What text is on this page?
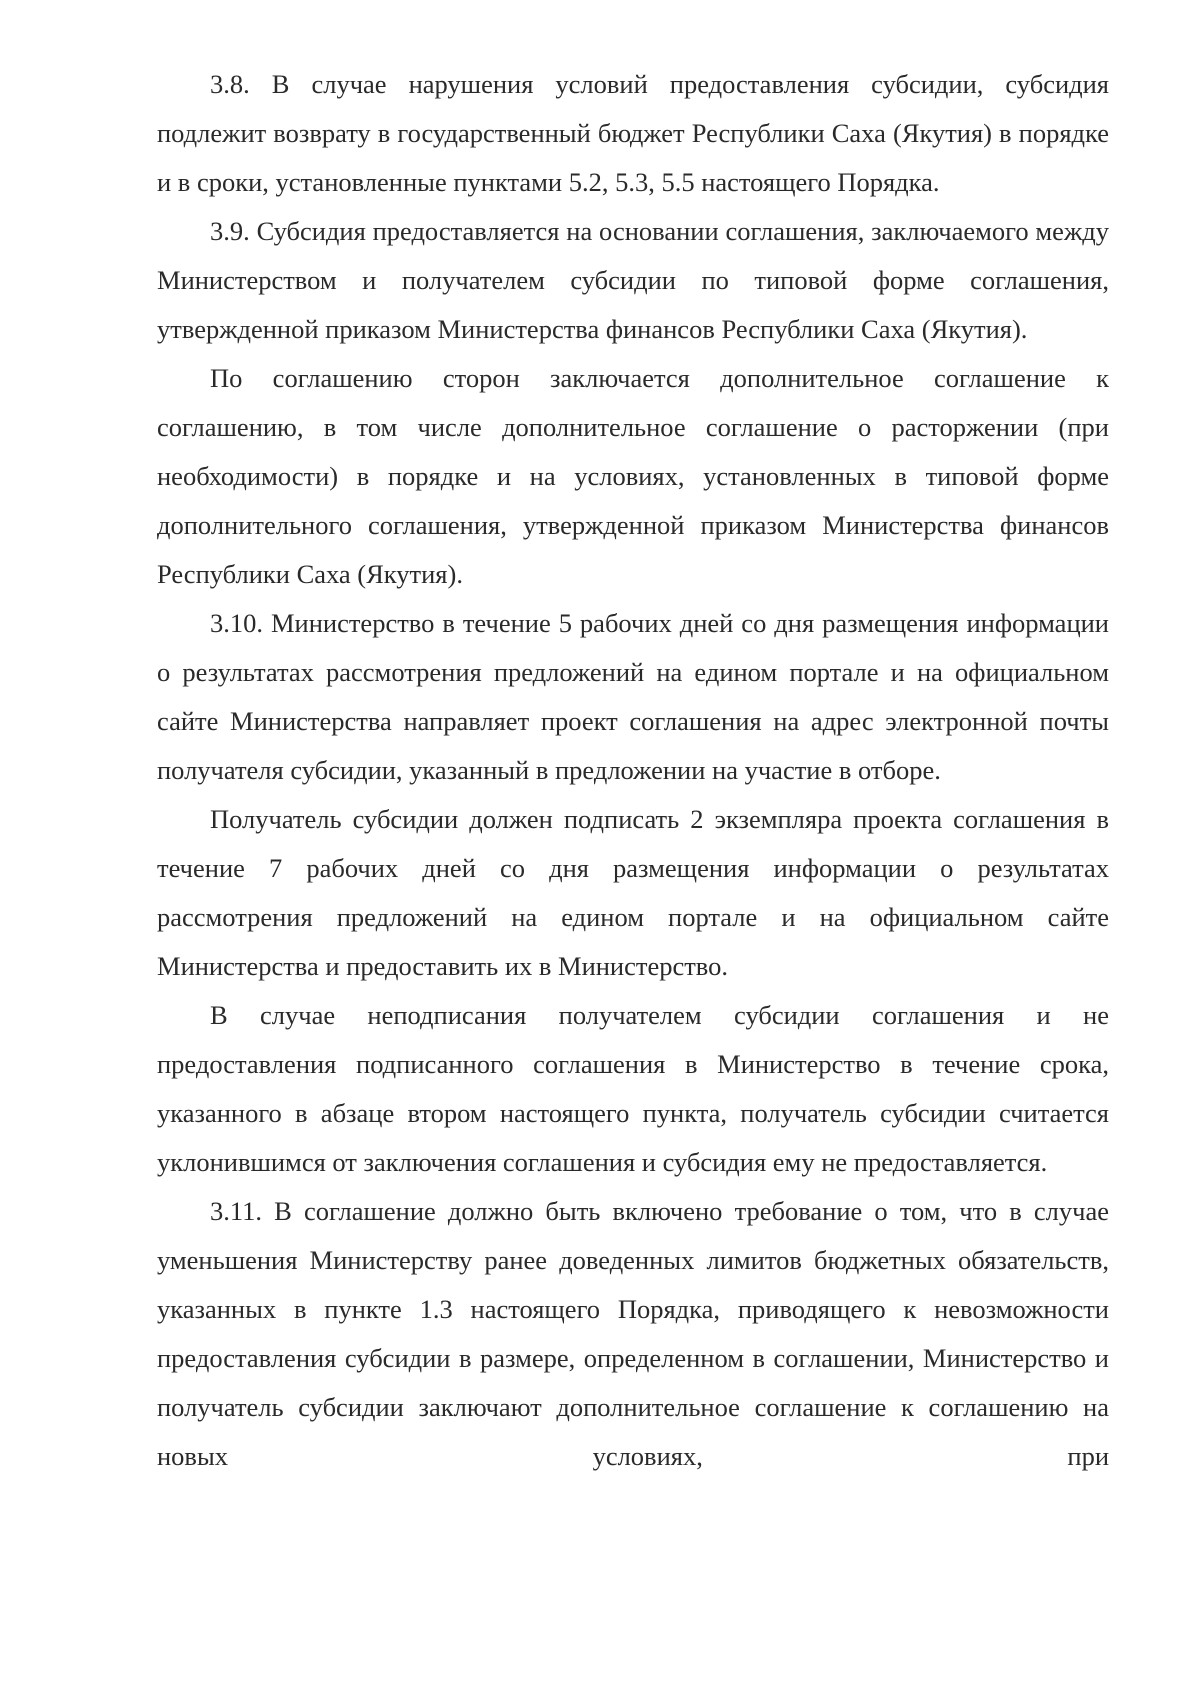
3.8. В случае нарушения условий предоставления субсидии, субсидия подлежит возврату в государственный бюджет Республики Саха (Якутия) в порядке и в сроки, установленные пунктами 5.2, 5.3, 5.5 настоящего Порядка.

3.9. Субсидия предоставляется на основании соглашения, заключаемого между Министерством и получателем субсидии по типовой форме соглашения, утвержденной приказом Министерства финансов Республики Саха (Якутия).

По соглашению сторон заключается дополнительное соглашение к соглашению, в том числе дополнительное соглашение о расторжении (при необходимости) в порядке и на условиях, установленных в типовой форме дополнительного соглашения, утвержденной приказом Министерства финансов Республики Саха (Якутия).

3.10. Министерство в течение 5 рабочих дней со дня размещения информации о результатах рассмотрения предложений на едином портале и на официальном сайте Министерства направляет проект соглашения на адрес электронной почты получателя субсидии, указанный в предложении на участие в отборе.

Получатель субсидии должен подписать 2 экземпляра проекта соглашения в течение 7 рабочих дней со дня размещения информации о результатах рассмотрения предложений на едином портале и на официальном сайте Министерства и предоставить их в Министерство.

В случае неподписания получателем субсидии соглашения и не предоставления подписанного соглашения в Министерство в течение срока, указанного в абзаце втором настоящего пункта, получатель субсидии считается уклонившимся от заключения соглашения и субсидия ему не предоставляется.

3.11. В соглашение должно быть включено требование о том, что в случае уменьшения Министерству ранее доведенных лимитов бюджетных обязательств, указанных в пункте 1.3 настоящего Порядка, приводящего к невозможности предоставления субсидии в размере, определенном в соглашении, Министерство и получатель субсидии заключают дополнительное соглашение к соглашению на новых условиях, при
